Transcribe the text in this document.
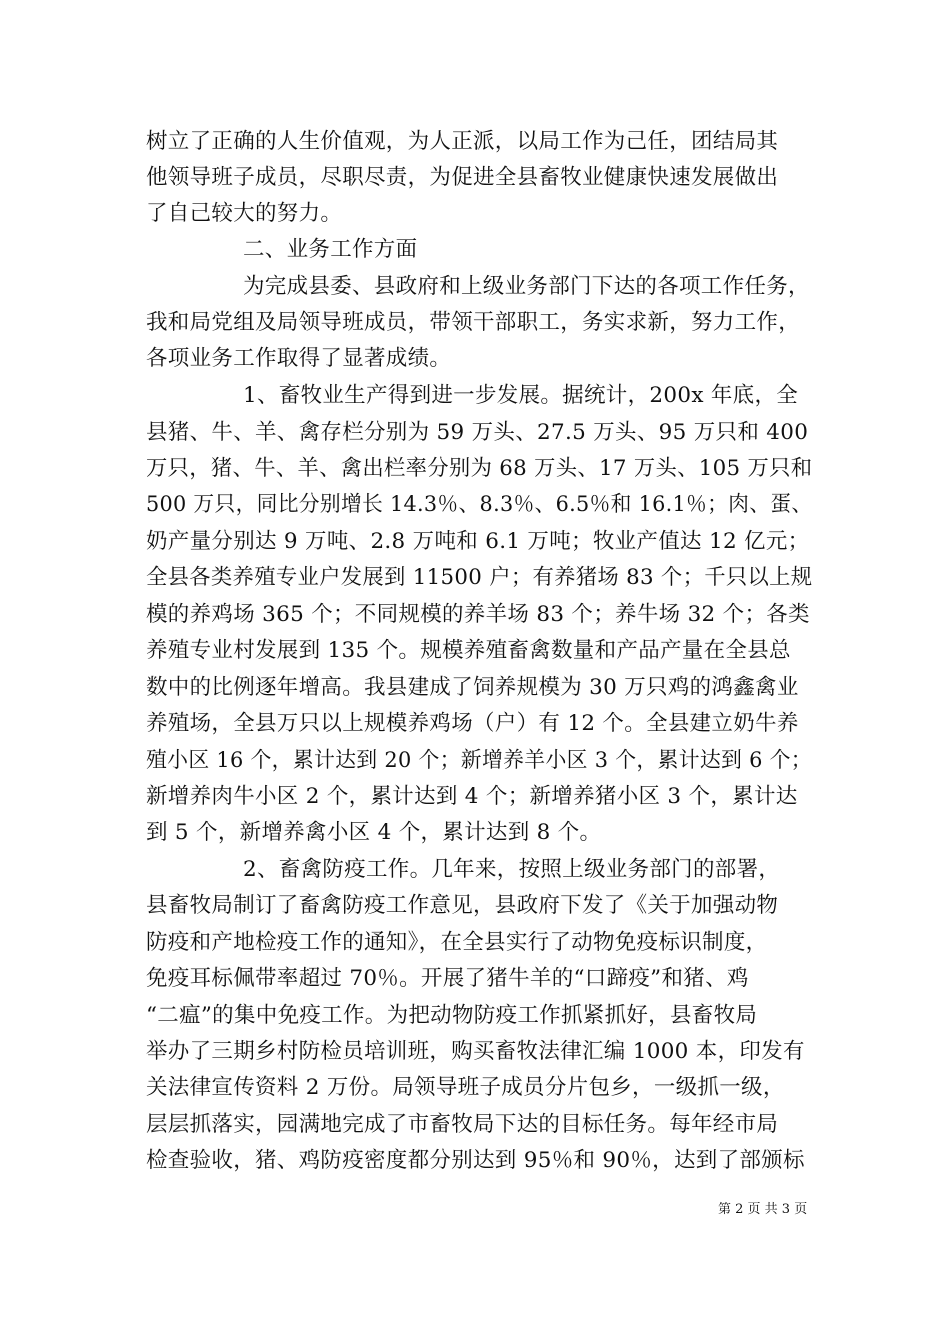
树立了正确的人生价值观，为人正派，以局工作为己任，团结局其
他领导班子成员，尽职尽责，为促进全县畜牧业健康快速发展做出
了自己较大的努力。
二、业务工作方面
为完成县委、县政府和上级业务部门下达的各项工作任务，
我和局党组及局领导班成员，带领干部职工，务实求新，努力工作，
各项业务工作取得了显著成绩。
1、畜牧业生产得到进一步发展。据统计，200x 年底，全
县猪、牛、羊、禽存栏分别为 59 万头、27.5 万头、95 万只和 400
万只，猪、牛、羊、禽出栏率分别为 68 万头、17 万头、105 万只和
500 万只，同比分别增长 14.3％、8.3％、6.5％和 16.1％；肉、蛋、
奶产量分别达 9 万吨、2.8 万吨和 6.1 万吨；牧业产值达 12 亿元；
全县各类养殖专业户发展到 11500 户；有养猪场 83 个；千只以上规
模的养鸡场 365 个；不同规模的养羊场 83 个；养牛场 32 个；各类
养殖专业村发展到 135 个。规模养殖畜禽数量和产品产量在全县总
数中的比例逐年增高。我县建成了饲养规模为 30 万只鸡的鸿鑫禽业
养殖场，全县万只以上规模养鸡场（户）有 12 个。全县建立奶牛养
殖小区 16 个，累计达到 20 个；新增养羊小区 3 个，累计达到 6 个；
新增养肉牛小区 2 个，累计达到 4 个；新增养猪小区 3 个，累计达
到 5 个，新增养禽小区 4 个，累计达到 8 个。
2、畜禽防疫工作。几年来，按照上级业务部门的部署，
县畜牧局制订了畜禽防疫工作意见，县政府下发了《关于加强动物
防疫和产地检疫工作的通知》，在全县实行了动物免疫标识制度，
免疫耳标佩带率超过 70％。开展了猪牛羊的“口蹄疫”和猪、鸡
“二瘟”的集中免疫工作。为把动物防疫工作抓紧抓好，县畜牧局
举办了三期乡村防检员培训班，购买畜牧法律汇编 1000 本，印发有
关法律宣传资料 2 万份。局领导班子成员分片包乡，一级抓一级，
层层抓落实，园满地完成了市畜牧局下达的目标任务。每年经市局
检查验收，猪、鸡防疫密度都分别达到 95％和 90％，达到了部颁标
第 2 页 共 3 页
